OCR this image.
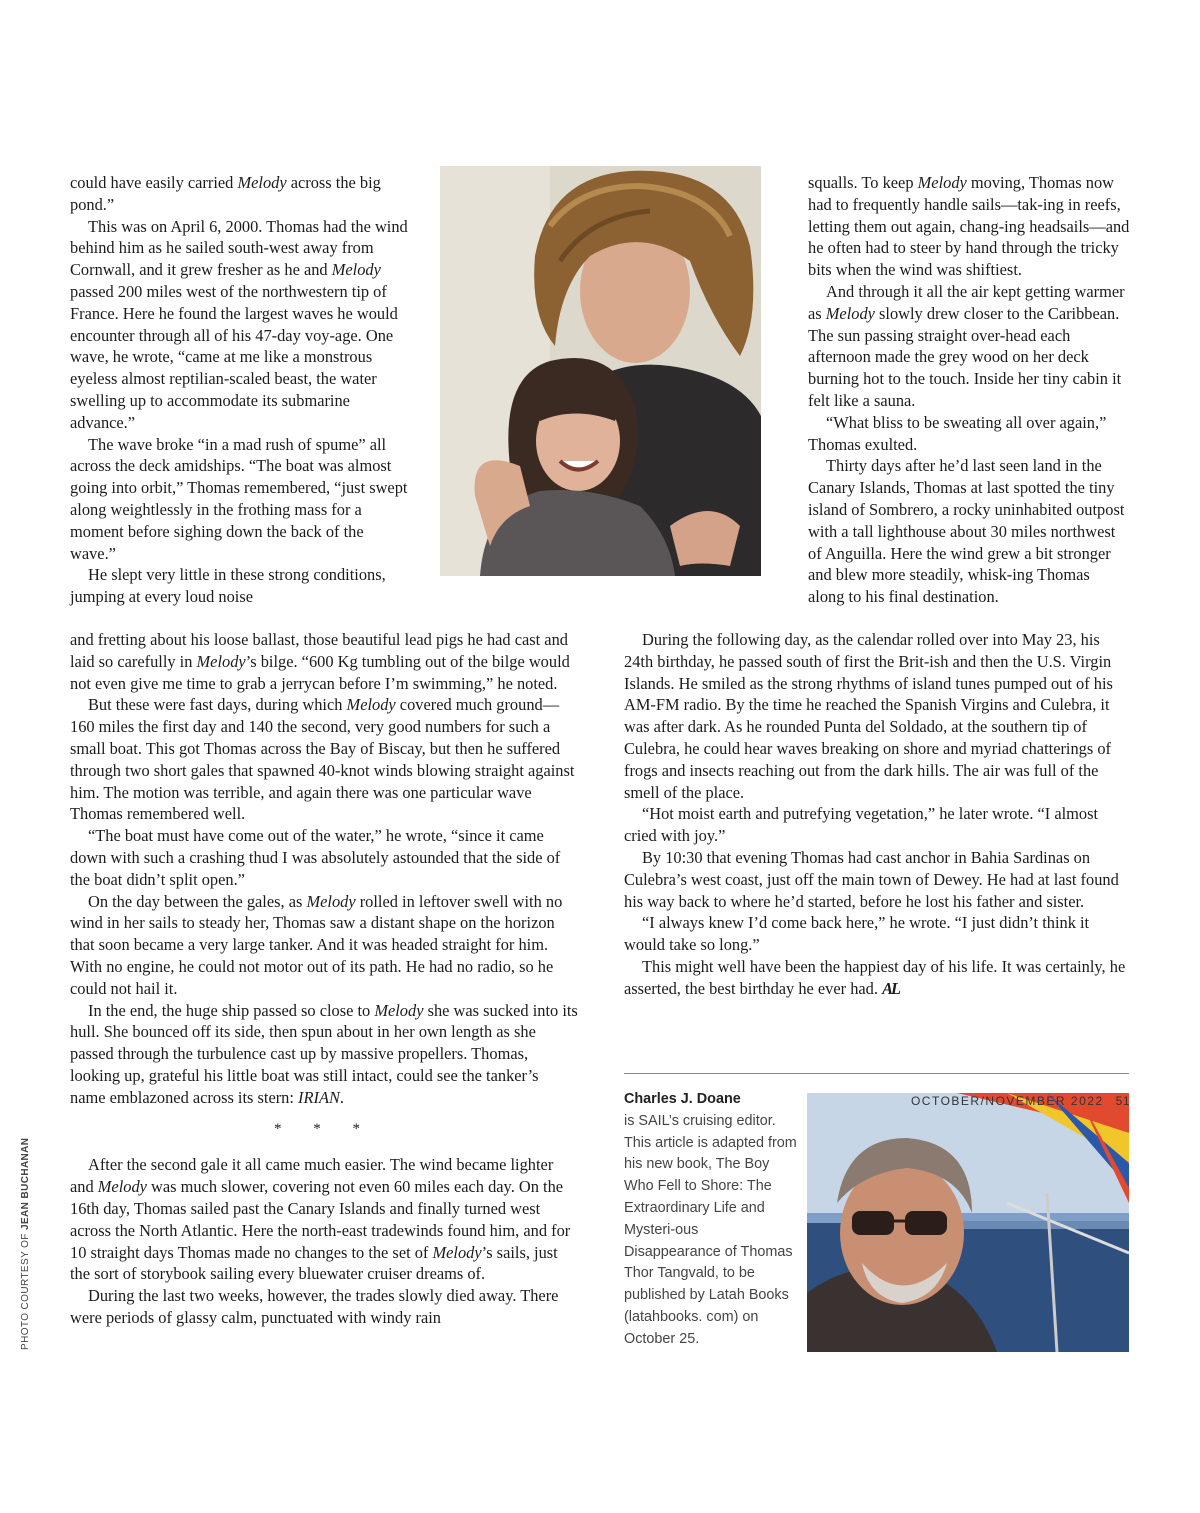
could have easily carried Melody across the big pond.”

This was on April 6, 2000. Thomas had the wind behind him as he sailed south-west away from Cornwall, and it grew fresher as he and Melody passed 200 miles west of the northwestern tip of France. Here he found the largest waves he would encounter through all of his 47-day voy-age. One wave, he wrote, “came at me like a monstrous eyeless almost reptilian-scaled beast, the water swelling up to accommodate its submarine advance.”

The wave broke “in a mad rush of spume” all across the deck amidships. “The boat was almost going into orbit,” Thomas remembered, “just swept along weightlessly in the frothing mass for a moment before sighing down the back of the wave.”

He slept very little in these strong conditions, jumping at every loud noise

and fretting about his loose ballast, those beautiful lead pigs he had cast and laid so carefully in Melody’s bilge. “600 Kg tumbling out of the bilge would not even give me time to grab a jerrycan before I’m swimming,” he noted.

But these were fast days, during which Melody covered much ground—160 miles the first day and 140 the second, very good numbers for such a small boat. This got Thomas across the Bay of Biscay, but then he suffered through two short gales that spawned 40-knot winds blowing straight against him. The motion was terrible, and again there was one particular wave Thomas remembered well.

“The boat must have come out of the water,” he wrote, “since it came down with such a crashing thud I was absolutely astounded that the side of the boat didn’t split open.”

On the day between the gales, as Melody rolled in leftover swell with no wind in her sails to steady her, Thomas saw a distant shape on the horizon that soon became a very large tanker. And it was headed straight for him. With no engine, he could not motor out of its path. He had no radio, so he could not hail it.

In the end, the huge ship passed so close to Melody she was sucked into its hull. She bounced off its side, then spun about in her own length as she passed through the turbulence cast up by massive propellers. Thomas, looking up, grateful his little boat was still intact, could see the tanker’s name emblazoned across its stern: IRIAN.

* * *

After the second gale it all came much easier. The wind became lighter and Melody was much slower, covering not even 60 miles each day. On the 16th day, Thomas sailed past the Canary Islands and finally turned west across the North Atlantic. Here the north-east tradewinds found him, and for 10 straight days Thomas made no changes to the set of Melody’s sails, just the sort of storybook sailing every bluewater cruiser dreams of.

During the last two weeks, however, the trades slowly died away. There were periods of glassy calm, punctuated with windy rain

squalls. To keep Melody moving, Thomas now had to frequently handle sails—tak-ing in reefs, letting them out again, chang-ing headsails—and he often had to steer by hand through the tricky bits when the wind was shiftiest.

And through it all the air kept getting warmer as Melody slowly drew closer to the Caribbean. The sun passing straight over-head each afternoon made the grey wood on her deck burning hot to the touch. Inside her tiny cabin it felt like a sauna.

“What bliss to be sweating all over again,” Thomas exulted.

Thirty days after he’d last seen land in the Canary Islands, Thomas at last spotted the tiny island of Sombrero, a rocky uninhabited outpost with a tall lighthouse about 30 miles northwest of Anguilla. Here the wind grew a bit stronger and blew more steadily, whisk-ing Thomas along to his final destination.

During the following day, as the calendar rolled over into May 23, his 24th birthday, he passed south of first the Brit-ish and then the U.S. Virgin Islands. He smiled as the strong rhythms of island tunes pumped out of his AM-FM radio. By the time he reached the Spanish Virgins and Culebra, it was after dark. As he rounded Punta del Soldado, at the southern tip of Culebra, he could hear waves breaking on shore and myriad chatterings of frogs and insects reaching out from the dark hills. The air was full of the smell of the place.

“Hot moist earth and putrefying vegetation,” he later wrote. “I almost cried with joy.”

By 10:30 that evening Thomas had cast anchor in Bahia Sardinas on Culebra’s west coast, just off the main town of Dewey. He had at last found his way back to where he’d started, before he lost his father and sister.

“I always knew I’d come back here,” he wrote. “I just didn’t think it would take so long.”

This might well have been the happiest day of his life. It was certainly, he asserted, the best birthday he ever had. AL

PHOTO COURTESY OF JEAN BUCHANAN
Charles J. Doane
is SAIL’s cruising editor. This article is adapted from his new book, The Boy Who Fell to Shore: The Extraordinary Life and Mysteri-ous Disappearance of Thomas Thor Tangvald, to be published by Latah Books (latahbooks. com) on October 25.
OCTOBER/NOVEMBER 2022 51
